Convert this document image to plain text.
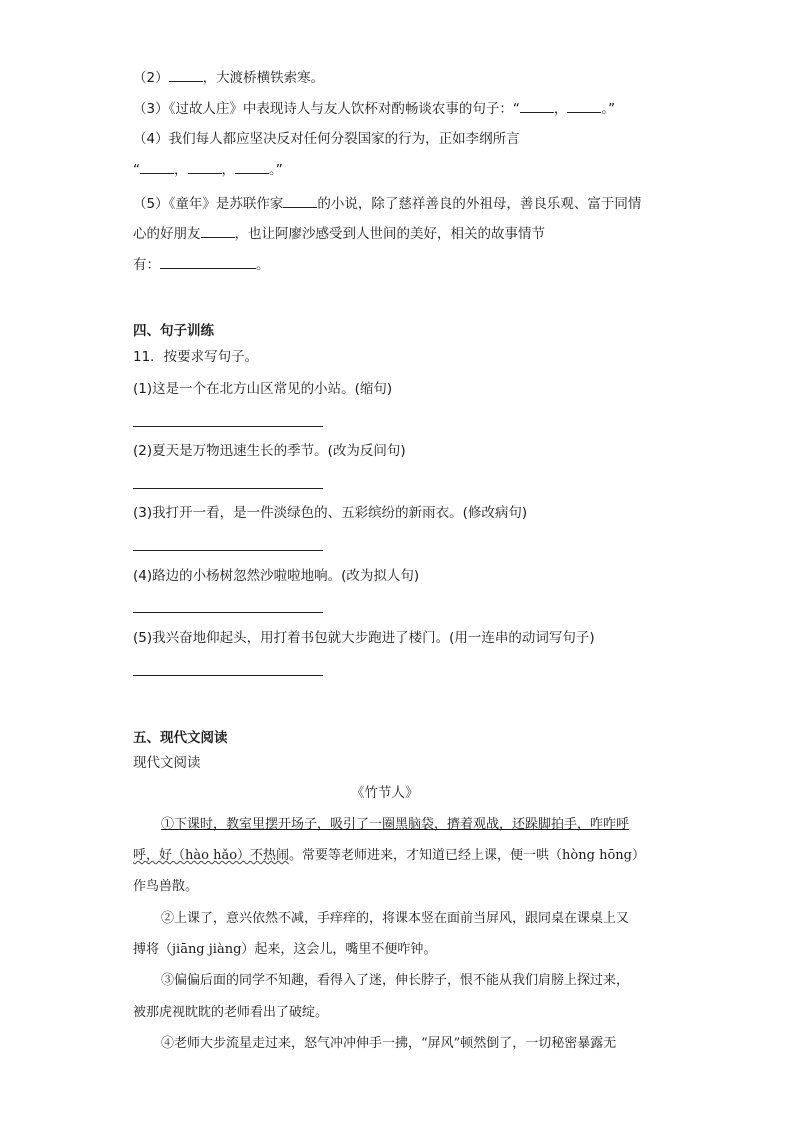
（2）	，大渡桥横铁索寒。
（3）《过故人庄》中表现诗人与友人饮杯对酌畅谈农事的句子：“	，	。”
（4）我们每人都应坚决反对任何分裂国家的行为，正如李纲所言
“	，	，	。”
（5）《童年》是苏联作家	的小说，除了慈祥善良的外祖母，善良乐观、富于同情
心的好朋友	，也让阿廖沙感受到人世间的美好，相关的故事情节
有：	。
四、句子训练
11．按要求写句子。
(1)这是一个在北方山区常见的小站。(缩句)
(2)夏天是万物迅速生长的季节。(改为反问句)
(3)我打开一看，是一件淡绿色的、五彩缤纷的新雨衣。(修改病句)
(4)路边的小杨树忽然沙啦啦地响。(改为拟人句)
(5)我兴奋地仰起头，用打着书包就大步跑进了楼门。(用一连串的动词写句子)
五、现代文阅读
现代文阅读
《竹节人》
①下课时，教室里摆开场子，吸引了一圈黑脑袋，擠着观战，还跺脚拍手，咋咋呼
呼，好（hào hǎo）不热闹。常要等老师进来，才知道已经上课，便一哄（hòng hōng）
作鸟兽散。
②上课了，意兴依然不减，手痒痒的，将课本竖在面前当屏风，跟同桌在课桌上又
搏将（jiāng jiàng）起来，这会儿，嘴里不便咋钟。
③偏偏后面的同学不知趣，看得入了迷，伸长脖子，恨不能从我们肩膀上探过来，
被那虎视眈眈的老师看出了破绽。
④老师大步流星走过来，怒气冲冲伸手一拂，“屏风”顿然倒了，一切秘密暴露无
